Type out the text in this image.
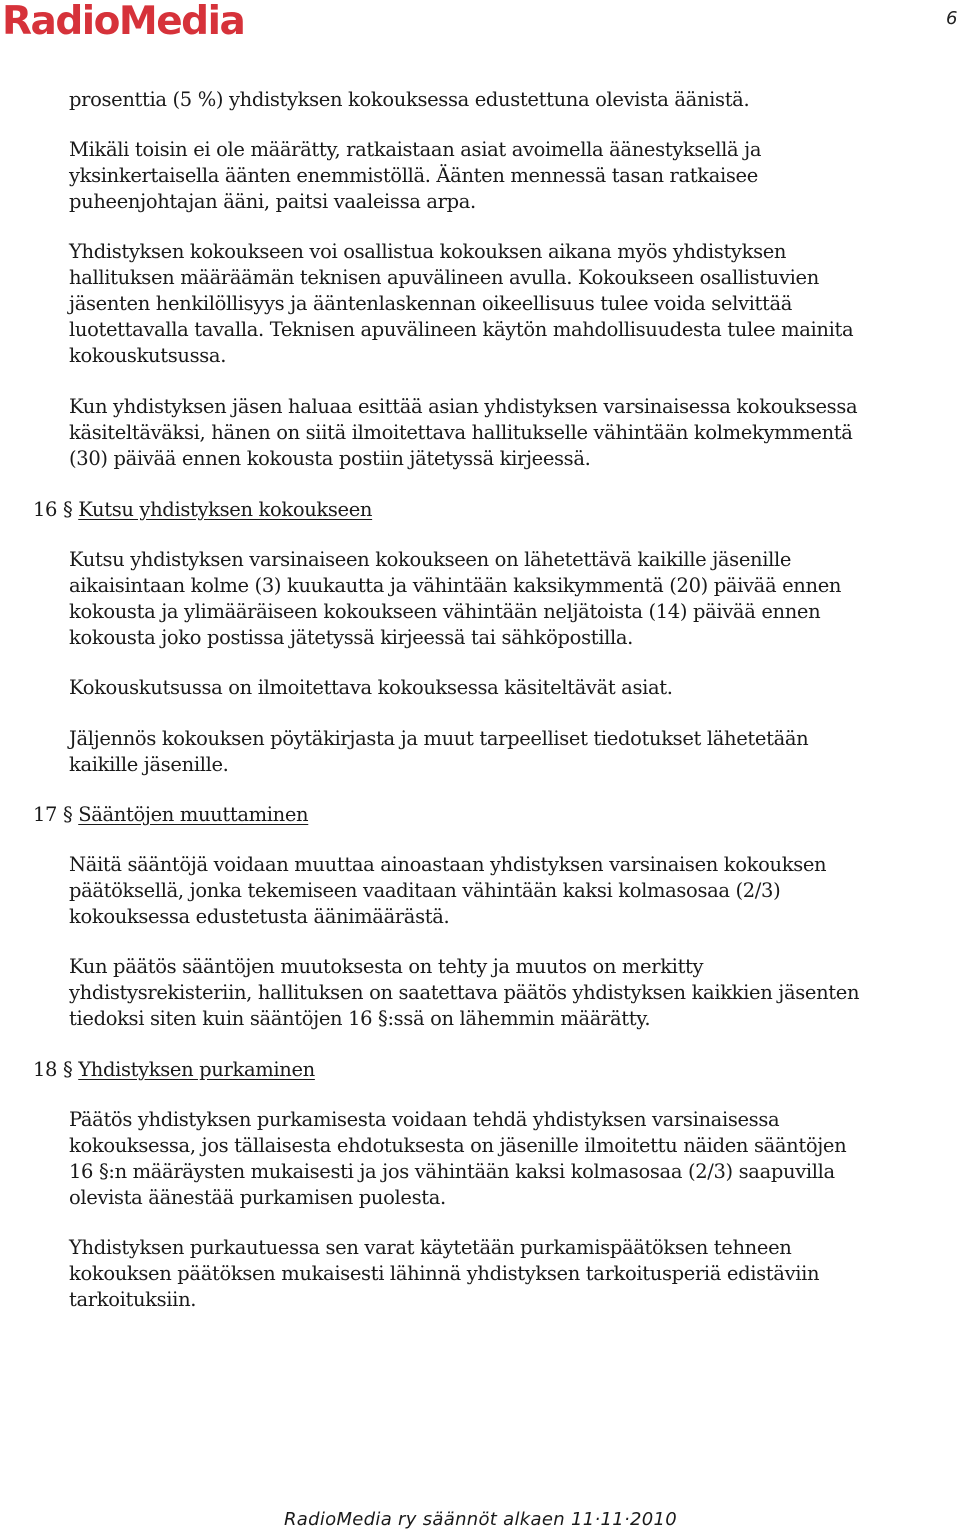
RadioMedia	6

prosenttia (5 %) yhdistyksen kokouksessa edustettuna olevista äänistä.

Mikäli toisin ei ole määrätty, ratkaistaan asiat avoimella äänestyksellä ja
yksinkertaisella äänten enemmistöllä. Äänten mennessä tasan ratkaisee
puheenjohtajan ääni, paitsi vaaleissa arpa.

Yhdistyksen kokoukseen voi osallistua kokouksen aikana myös yhdistyksen
hallituksen määräämän teknisen apuvälineen avulla. Kokoukseen osallistuvien
jäsenten henkilöllisyys ja ääntenlaskennan oikeellisuus tulee voida selvittää
luotettavalla tavalla. Teknisen apuvälineen käytön mahdollisuudesta tulee mainita
kokouskutsussa.

Kun yhdistyksen jäsen haluaa esittää asian yhdistyksen varsinaisessa kokouksessa
käsiteltäväksi, hänen on siitä ilmoitettava hallitukselle vähintään kolmekymmentä
(30) päivää ennen kokousta postiin jätetyssä kirjeessä.

16 § Kutsu yhdistyksen kokoukseen

Kutsu yhdistyksen varsinaiseen kokoukseen on lähetettävä kaikille jäsenille
aikaisintaan kolme (3) kuukautta ja vähintään kaksikymmentä (20) päivää ennen
kokousta ja ylimääräiseen kokoukseen vähintään neljätoista (14) päivää ennen
kokousta joko postissa jätetyssä kirjeessä tai sähköpostilla.

Kokouskutsussa on ilmoitettava kokouksessa käsiteltävät asiat.

Jäljennös kokouksen pöytäkirjasta ja muut tarpeelliset tiedotukset lähetetään
kaikille jäsenille.

17 § Sääntöjen muuttaminen

Näitä sääntöjä voidaan muuttaa ainoastaan yhdistyksen varsinaisen kokouksen
päätöksellä, jonka tekemiseen vaaditaan vähintään kaksi kolmasosaa (2/3)
kokouksessa edustetusta äänimäärästä.

Kun päätös sääntöjen muutoksesta on tehty ja muutos on merkitty
yhdistysrekisteriin, hallituksen on saatettava päätös yhdistyksen kaikkien jäsenten
tiedoksi siten kuin sääntöjen 16 §:ssä on lähemmin määrätty.

18 § Yhdistyksen purkaminen

Päätös yhdistyksen purkamisesta voidaan tehdä yhdistyksen varsinaisessa
kokouksessa, jos tällaisesta ehdotuksesta on jäsenille ilmoitettu näiden sääntöjen
16 §:n määräysten mukaisesti ja jos vähintään kaksi kolmasosaa (2/3) saapuvilla
olevista äänestää purkamisen puolesta.

Yhdistyksen purkautuessa sen varat käytetään purkamispäätöksen tehneen
kokouksen päätöksen mukaisesti lähinnä yhdistyksen tarkoitusperiä edistäviin
tarkoituksiin.

RadioMedia ry säännöt alkaen 11·11·2010
